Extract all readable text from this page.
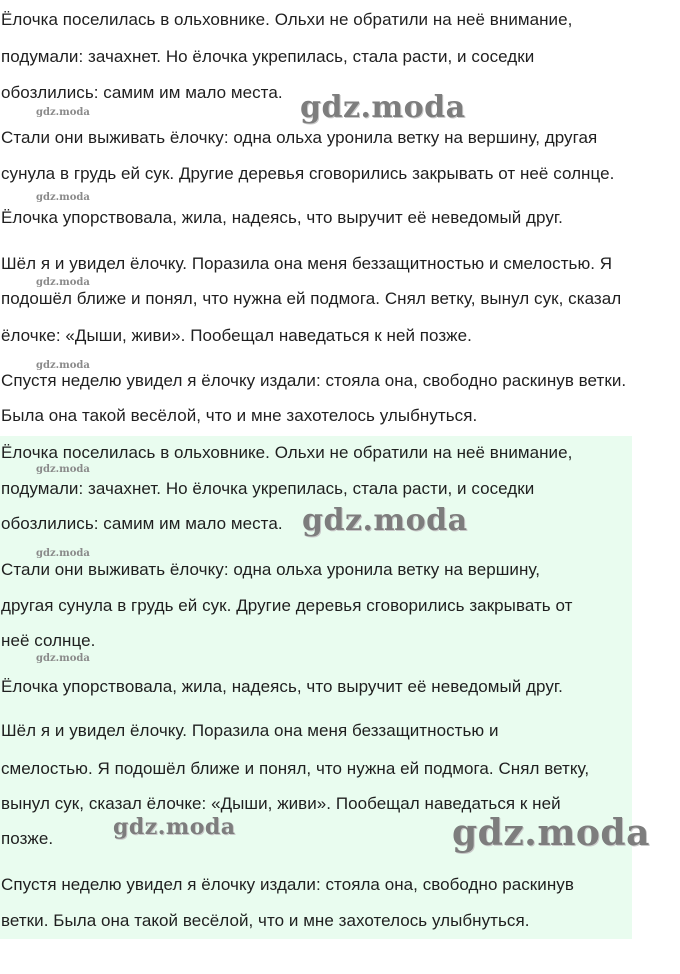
Ёлочка поселилась в ольховнике. Ольхи не обратили на неё внимание,
подумали: зачахнет. Но ёлочка укрепилась, стала расти, и соседки
обозлились: самим им мало места.
Стали они выживать ёлочку: одна ольха уронила ветку на вершину, другая
сунула в грудь ей сук. Другие деревья сговорились закрывать от неё солнце.
Ёлочка упорствовала, жила, надеясь, что выручит её неведомый друг.
Шёл я и увидел ёлочку. Поразила она меня беззащитностью и смелостью. Я
подошёл ближе и понял, что нужна ей подмога. Снял ветку, вынул сук, сказал
ёлочке: «Дыши, живи». Пообещал наведаться к ней позже.
Спустя неделю увидел я ёлочку издали: стояла она, свободно раскинув ветки.
Была она такой весёлой, что и мне захотелось улыбнуться.
Ёлочка поселилась в ольховнике. Ольхи не обратили на неё внимание,
подумали: зачахнет. Но ёлочка укрепилась, стала расти, и соседки
обозлились: самим им мало места.
Стали они выживать ёлочку: одна ольха уронила ветку на вершину,
другая сунула в грудь ей сук. Другие деревья сговорились закрывать от
неё солнце.
Ёлочка упорствовала, жила, надеясь, что выручит её неведомый друг.
Шёл я и увидел ёлочку. Поразила она меня беззащитностью и
смелостью. Я подошёл ближе и понял, что нужна ей подмога. Снял ветку,
вынул сук, сказал ёлочке: «Дыши, живи». Пообещал наведаться к ней
позже.
Спустя неделю увидел я ёлочку издали: стояла она, свободно раскинув
ветки. Была она такой весёлой, что и мне захотелось улыбнуться.
gdz.moda
gdz.moda
gdz.moda	gdz.moda
gdz.moda
gdz.moda
gdz.moda
gdz.moda
gdz.moda
gdz.moda
gdz.moda
